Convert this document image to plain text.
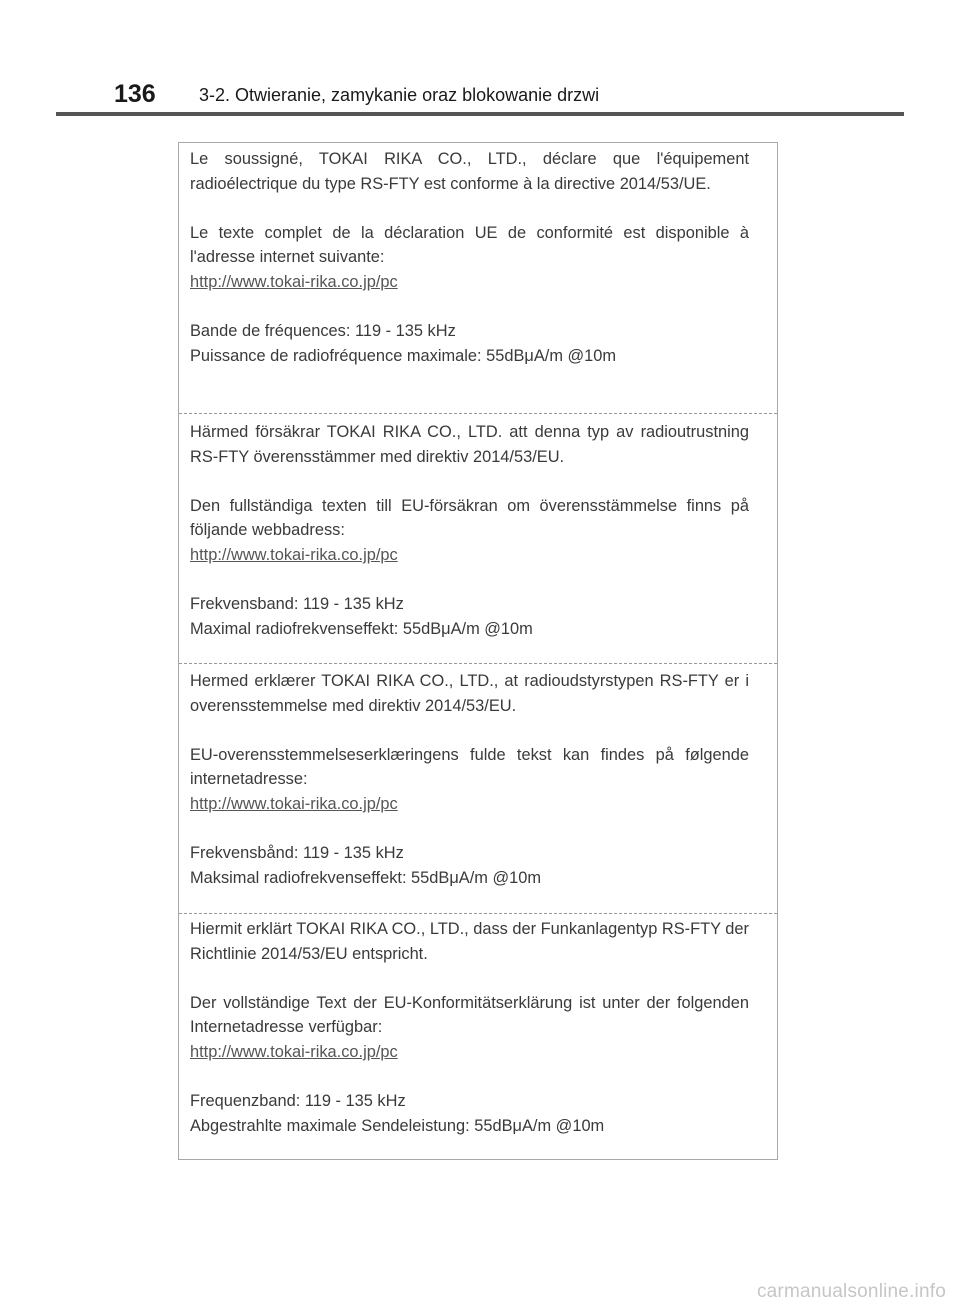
136 3-2. Otwieranie, zamykanie oraz blokowanie drzwi

Le soussigné, TOKAI RIKA CO., LTD., déclare que l'équipement radioélectrique du type RS-FTY est conforme à la directive 2014/53/UE.

Le texte complet de la déclaration UE de conformité est disponible à l'adresse internet suivante:

http://www.tokai-rika.co.jp/pc

Bande de fréquences: 119 - 135 kHz

Puissance de radiofréquence maximale: 55dBμA/m @10m

Härmed försäkrar TOKAI RIKA CO., LTD. att denna typ av radioutrustning RS-FTY överensstämmer med direktiv 2014/53/EU.

Den fullständiga texten till EU-försäkran om överensstämmelse finns på följande webbadress:

http://www.tokai-rika.co.jp/pc

Frekvensband: 119 - 135 kHz

Maximal radiofrekvenseffekt: 55dBμA/m @10m

Hermed erklærer TOKAI RIKA CO., LTD., at radioudstyrstypen RS-FTY er i overensstemmelse med direktiv 2014/53/EU.

EU-overensstemmelseserklæringens fulde tekst kan findes på følgende internetadresse:

http://www.tokai-rika.co.jp/pc

Frekvensbånd: 119 - 135 kHz

Maksimal radiofrekvenseffekt: 55dBμA/m @10m

Hiermit erklärt TOKAI RIKA CO., LTD., dass der Funkanlagentyp RS-FTY der Richtlinie 2014/53/EU entspricht.

Der vollständige Text der EU-Konformitätserklärung ist unter der folgenden Internetadresse verfügbar:

http://www.tokai-rika.co.jp/pc

Frequenzband: 119 - 135 kHz

Abgestrahlte maximale Sendeleistung: 55dBμA/m @10m

carmanualsonline.info
